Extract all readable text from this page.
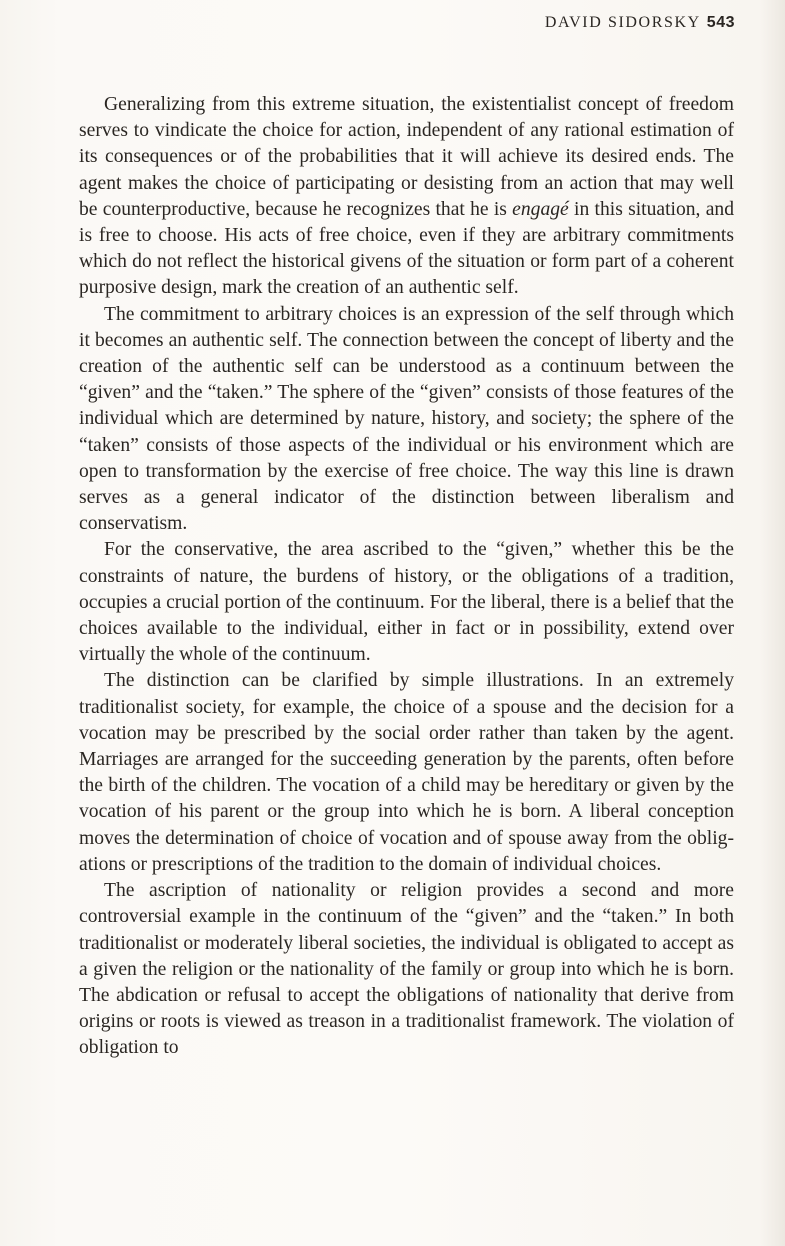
DAVID SIDORSKY 543

Generalizing from this extreme situation, the existentialist concept of freedom serves to vindicate the choice for action, independent of any rational estimation of its consequences or of the probabilities that it will achieve its desired ends. The agent makes the choice of participating or desisting from an action that may well be counterproductive, because he recognizes that he is engagé in this situation, and is free to choose. His acts of free choice, even if they are arbitrary commitments which do not reflect the historical givens of the situation or form part of a coherent purposive design, mark the creation of an authentic self.

The commitment to arbitrary choices is an expression of the self through which it becomes an authentic self. The connection between the concept of liberty and the creation of the authentic self can be understood as a continuum between the “given” and the “taken.” The sphere of the “given” consists of those features of the individual which are determined by nature, history, and society; the sphere of the “taken” consists of those aspects of the individual or his environment which are open to transformation by the exercise of free choice. The way this line is drawn serves as a general indicator of the distinction between liberalism and conservatism.

For the conservative, the area ascribed to the “given,” whether this be the constraints of nature, the burdens of history, or the obligations of a tradition, occupies a crucial portion of the continuum. For the liberal, there is a belief that the choices available to the individual, either in fact or in possibility, extend over virtually the whole of the continuum.

The distinction can be clarified by simple illustrations. In an extremely traditionalist society, for example, the choice of a spouse and the decision for a vocation may be prescribed by the social order rather than taken by the agent. Marriages are arranged for the succeeding generation by the parents, often before the birth of the children. The vocation of a child may be hereditary or given by the vocation of his parent or the group into which he is born. A liberal conception moves the determination of choice of vocation and of spouse away from the obligations or prescriptions of the tradition to the domain of individual choices.

The ascription of nationality or religion provides a second and more controversial example in the continuum of the “given” and the “taken.” In both traditionalist or moderately liberal societies, the individual is obligated to accept as a given the religion or the nationality of the family or group into which he is born. The abdication or refusal to accept the obligations of nationality that derive from origins or roots is viewed as treason in a traditionalist framework. The violation of obligation to
